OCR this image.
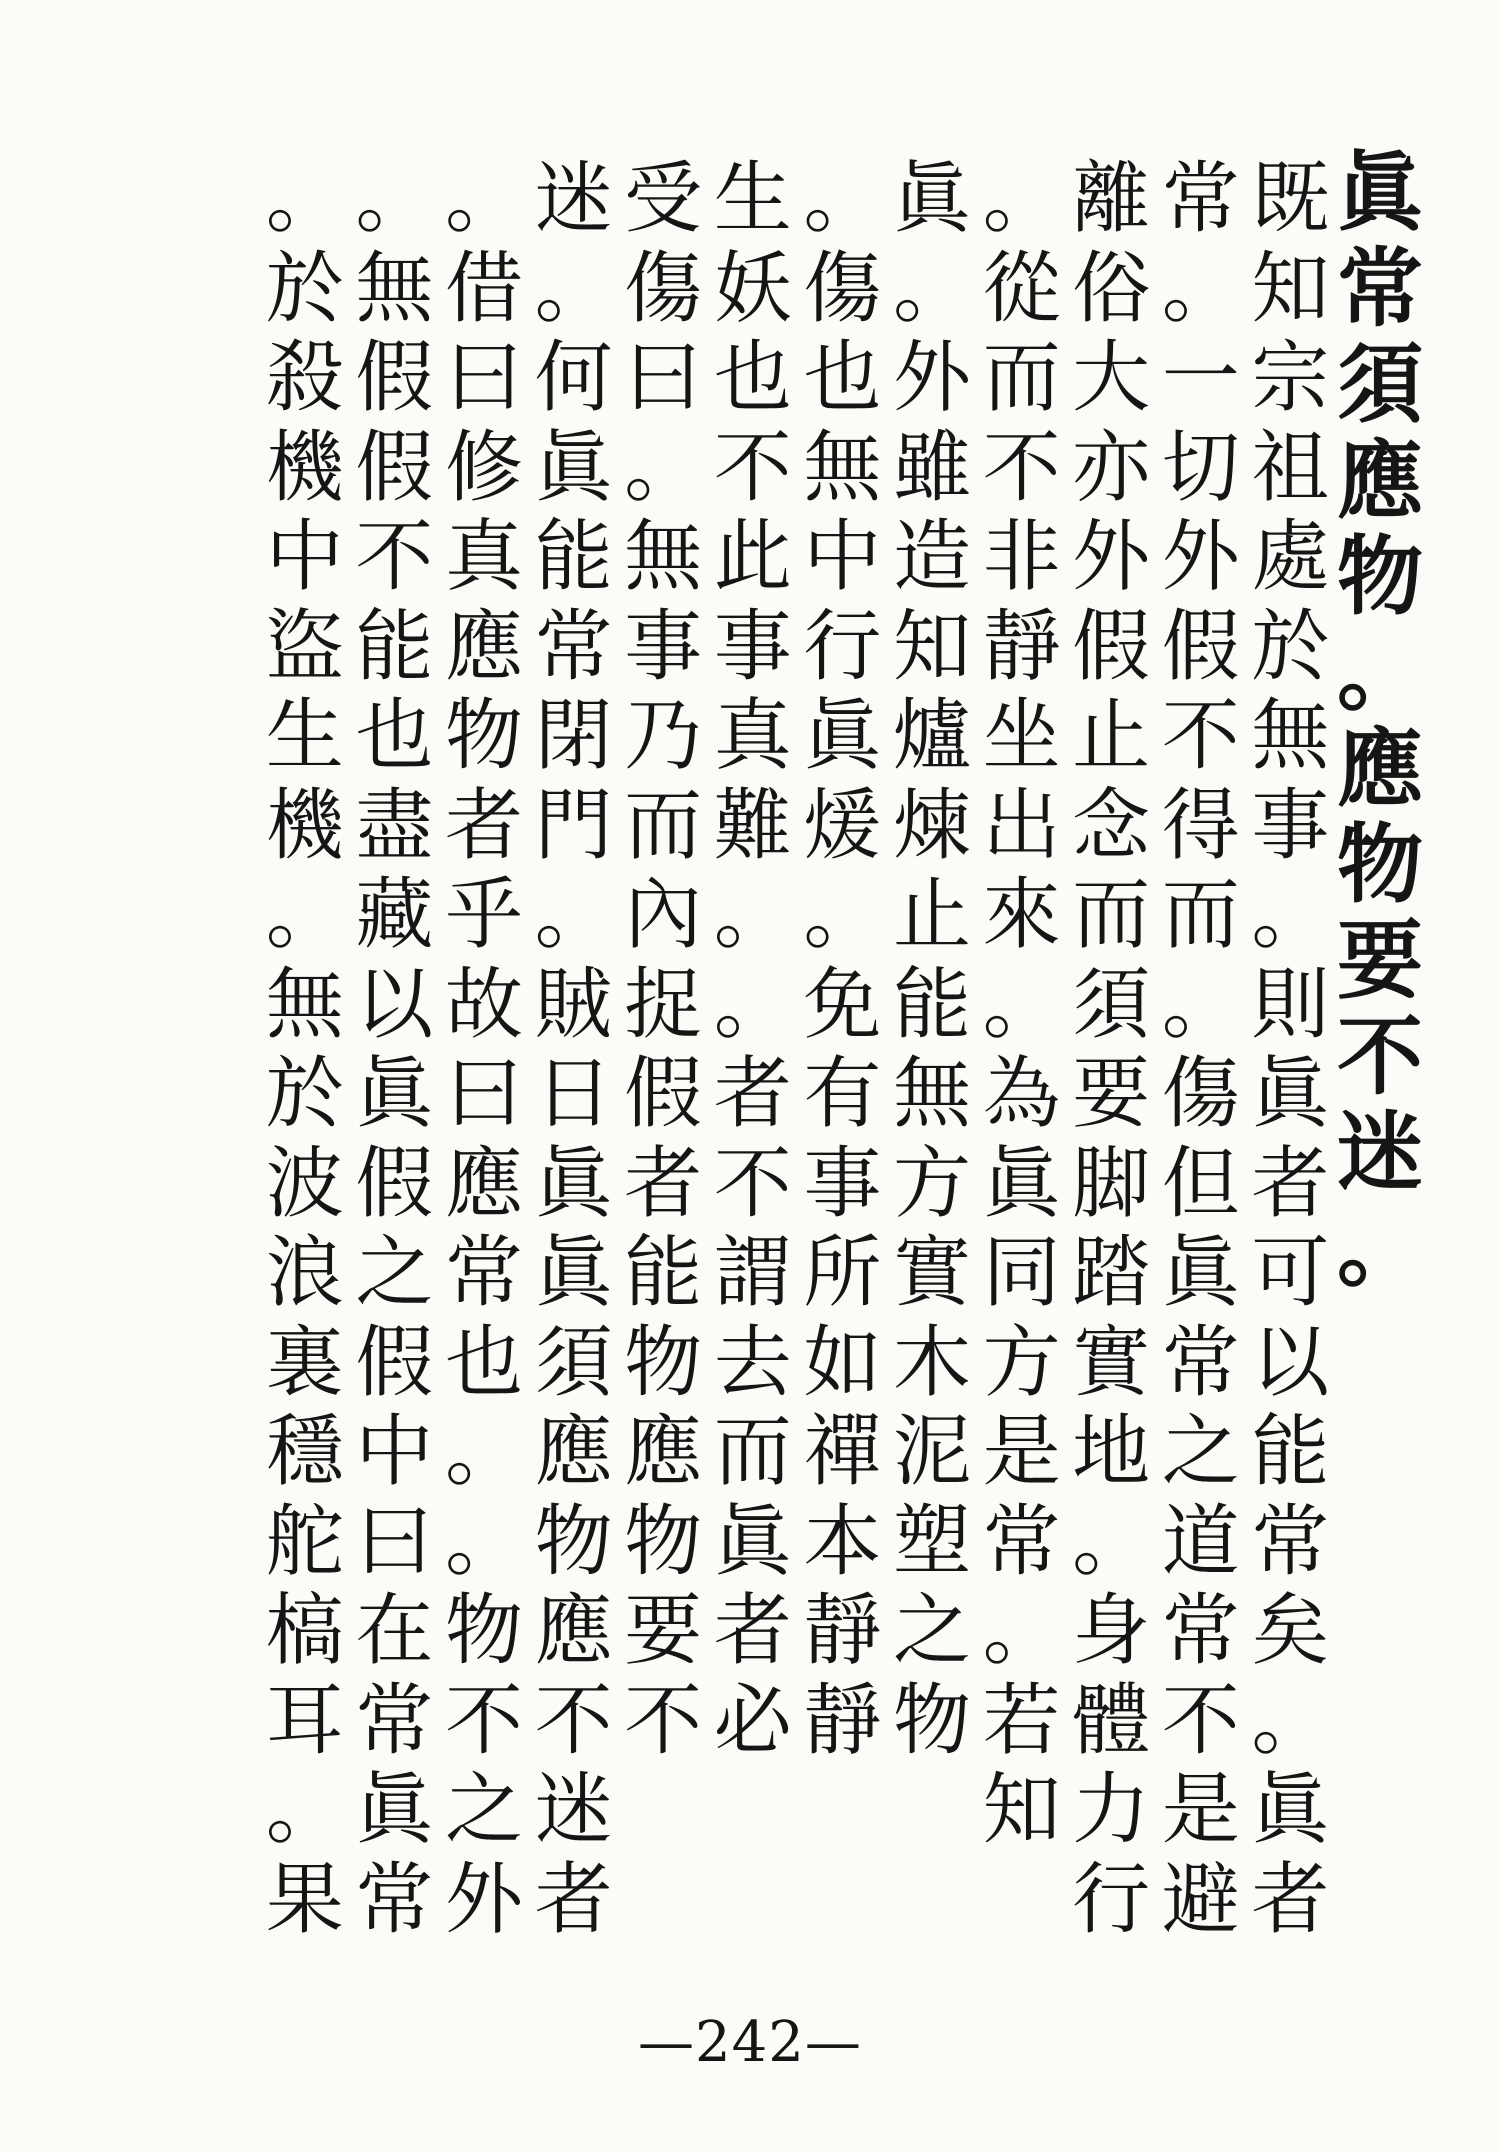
眞
常
須
應
物
。
應
物
要
不
迷
。
既
知
宗
祖
處
於
無
事
。
則
眞
者
可
以
能
常
矣
。
眞
者
常
。
一
切
外
假
不
得
而
。
傷
但
眞
常
之
道
常
不
是
避
離
俗
大
亦
外
假
止
念
而
須
要
脚
踏
實
地
。
身
體
力
行
。
從
而
不
非
靜
坐
出
來
。
為
眞
同
方
是
常
。
若
知
眞
。
外
雖
造
知
爐
煉
止
能
無
方
實
木
泥
塑
之
物
。
傷
也
無
中
行
眞
煖
。
免
有
事
所
如
禪
本
靜
靜
生
妖
也
不
此
事
真
難
。
。
者
不
謂
去
而
眞
者
必
受
傷
曰
。
無
事
乃
而
內
捉
假
者
能
物
應
物
要
不
迷
。
何
眞
能
常
閉
門
。
賊
日
眞
眞
須
應
物
應
不
迷
者
。
借
曰
修
真
應
物
者
乎
故
曰
應
常
也
。
。
物
不
之
外
。
無
假
假
不
能
也
盡
藏
以
眞
假
之
假
中
曰
在
常
眞
常
。
於
殺
機
中
盜
生
機
。
無
於
波
浪
裏
穩
舵
槁
耳
。
果
—242—
